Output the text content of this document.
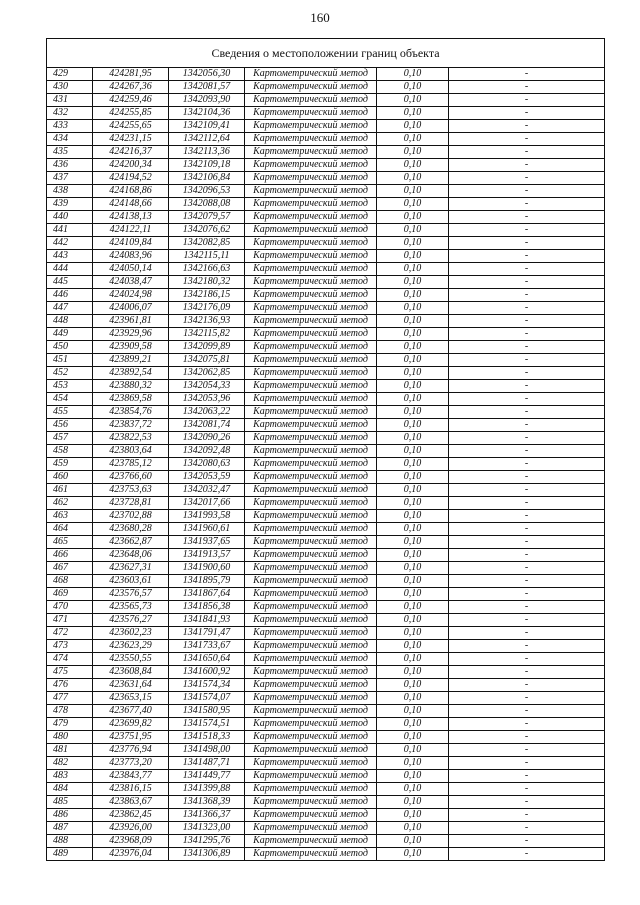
160
Сведения о местоположении границ объекта					
429	424281,95	1342056,30	Картометрический метод	0,10	-
430	424267,36	1342081,57	Картометрический метод	0,10	-
431	424259,46	1342093,90	Картометрический метод	0,10	-
432	424255,85	1342104,36	Картометрический метод	0,10	-
433	424255,65	1342109,41	Картометрический метод	0,10	-
434	424231,15	1342112,64	Картометрический метод	0,10	-
435	424216,37	1342113,36	Картометрический метод	0,10	-
436	424200,34	1342109,18	Картометрический метод	0,10	-
437	424194,52	1342106,84	Картометрический метод	0,10	-
438	424168,86	1342096,53	Картометрический метод	0,10	-
439	424148,66	1342088,08	Картометрический метод	0,10	-
440	424138,13	1342079,57	Картометрический метод	0,10	-
441	424122,11	1342076,62	Картометрический метод	0,10	-
442	424109,84	1342082,85	Картометрический метод	0,10	-
443	424083,96	1342115,11	Картометрический метод	0,10	-
444	424050,14	1342166,63	Картометрический метод	0,10	-
445	424038,47	1342180,32	Картометрический метод	0,10	-
446	424024,98	1342186,15	Картометрический метод	0,10	-
447	424006,07	1342176,09	Картометрический метод	0,10	-
448	423961,81	1342136,93	Картометрический метод	0,10	-
449	423929,96	1342115,82	Картометрический метод	0,10	-
450	423909,58	1342099,89	Картометрический метод	0,10	-
451	423899,21	1342075,81	Картометрический метод	0,10	-
452	423892,54	1342062,85	Картометрический метод	0,10	-
453	423880,32	1342054,33	Картометрический метод	0,10	-
454	423869,58	1342053,96	Картометрический метод	0,10	-
455	423854,76	1342063,22	Картометрический метод	0,10	-
456	423837,72	1342081,74	Картометрический метод	0,10	-
457	423822,53	1342090,26	Картометрический метод	0,10	-
458	423803,64	1342092,48	Картометрический метод	0,10	-
459	423785,12	1342080,63	Картометрический метод	0,10	-
460	423766,60	1342053,59	Картометрический метод	0,10	-
461	423753,63	1342032,47	Картометрический метод	0,10	-
462	423728,81	1342017,66	Картометрический метод	0,10	-
463	423702,88	1341993,58	Картометрический метод	0,10	-
464	423680,28	1341960,61	Картометрический метод	0,10	-
465	423662,87	1341937,65	Картометрический метод	0,10	-
466	423648,06	1341913,57	Картометрический метод	0,10	-
467	423627,31	1341900,60	Картометрический метод	0,10	-
468	423603,61	1341895,79	Картометрический метод	0,10	-
469	423576,57	1341867,64	Картометрический метод	0,10	-
470	423565,73	1341856,38	Картометрический метод	0,10	-
471	423576,27	1341841,93	Картометрический метод	0,10	-
472	423602,23	1341791,47	Картометрический метод	0,10	-
473	423623,29	1341733,67	Картометрический метод	0,10	-
474	423550,55	1341650,64	Картометрический метод	0,10	-
475	423608,84	1341600,92	Картометрический метод	0,10	-
476	423631,64	1341574,34	Картометрический метод	0,10	-
477	423653,15	1341574,07	Картометрический метод	0,10	-
478	423677,40	1341580,95	Картометрический метод	0,10	-
479	423699,82	1341574,51	Картометрический метод	0,10	-
480	423751,95	1341518,33	Картометрический метод	0,10	-
481	423776,94	1341498,00	Картометрический метод	0,10	-
482	423773,20	1341487,71	Картометрический метод	0,10	-
483	423843,77	1341449,77	Картометрический метод	0,10	-
484	423816,15	1341399,88	Картометрический метод	0,10	-
485	423863,67	1341368,39	Картометрический метод	0,10	-
486	423862,45	1341366,37	Картометрический метод	0,10	-
487	423926,00	1341323,00	Картометрический метод	0,10	-
488	423968,09	1341295,76	Картометрический метод	0,10	-
489	423976,04	1341306,89	Картометрический метод	0,10	-
